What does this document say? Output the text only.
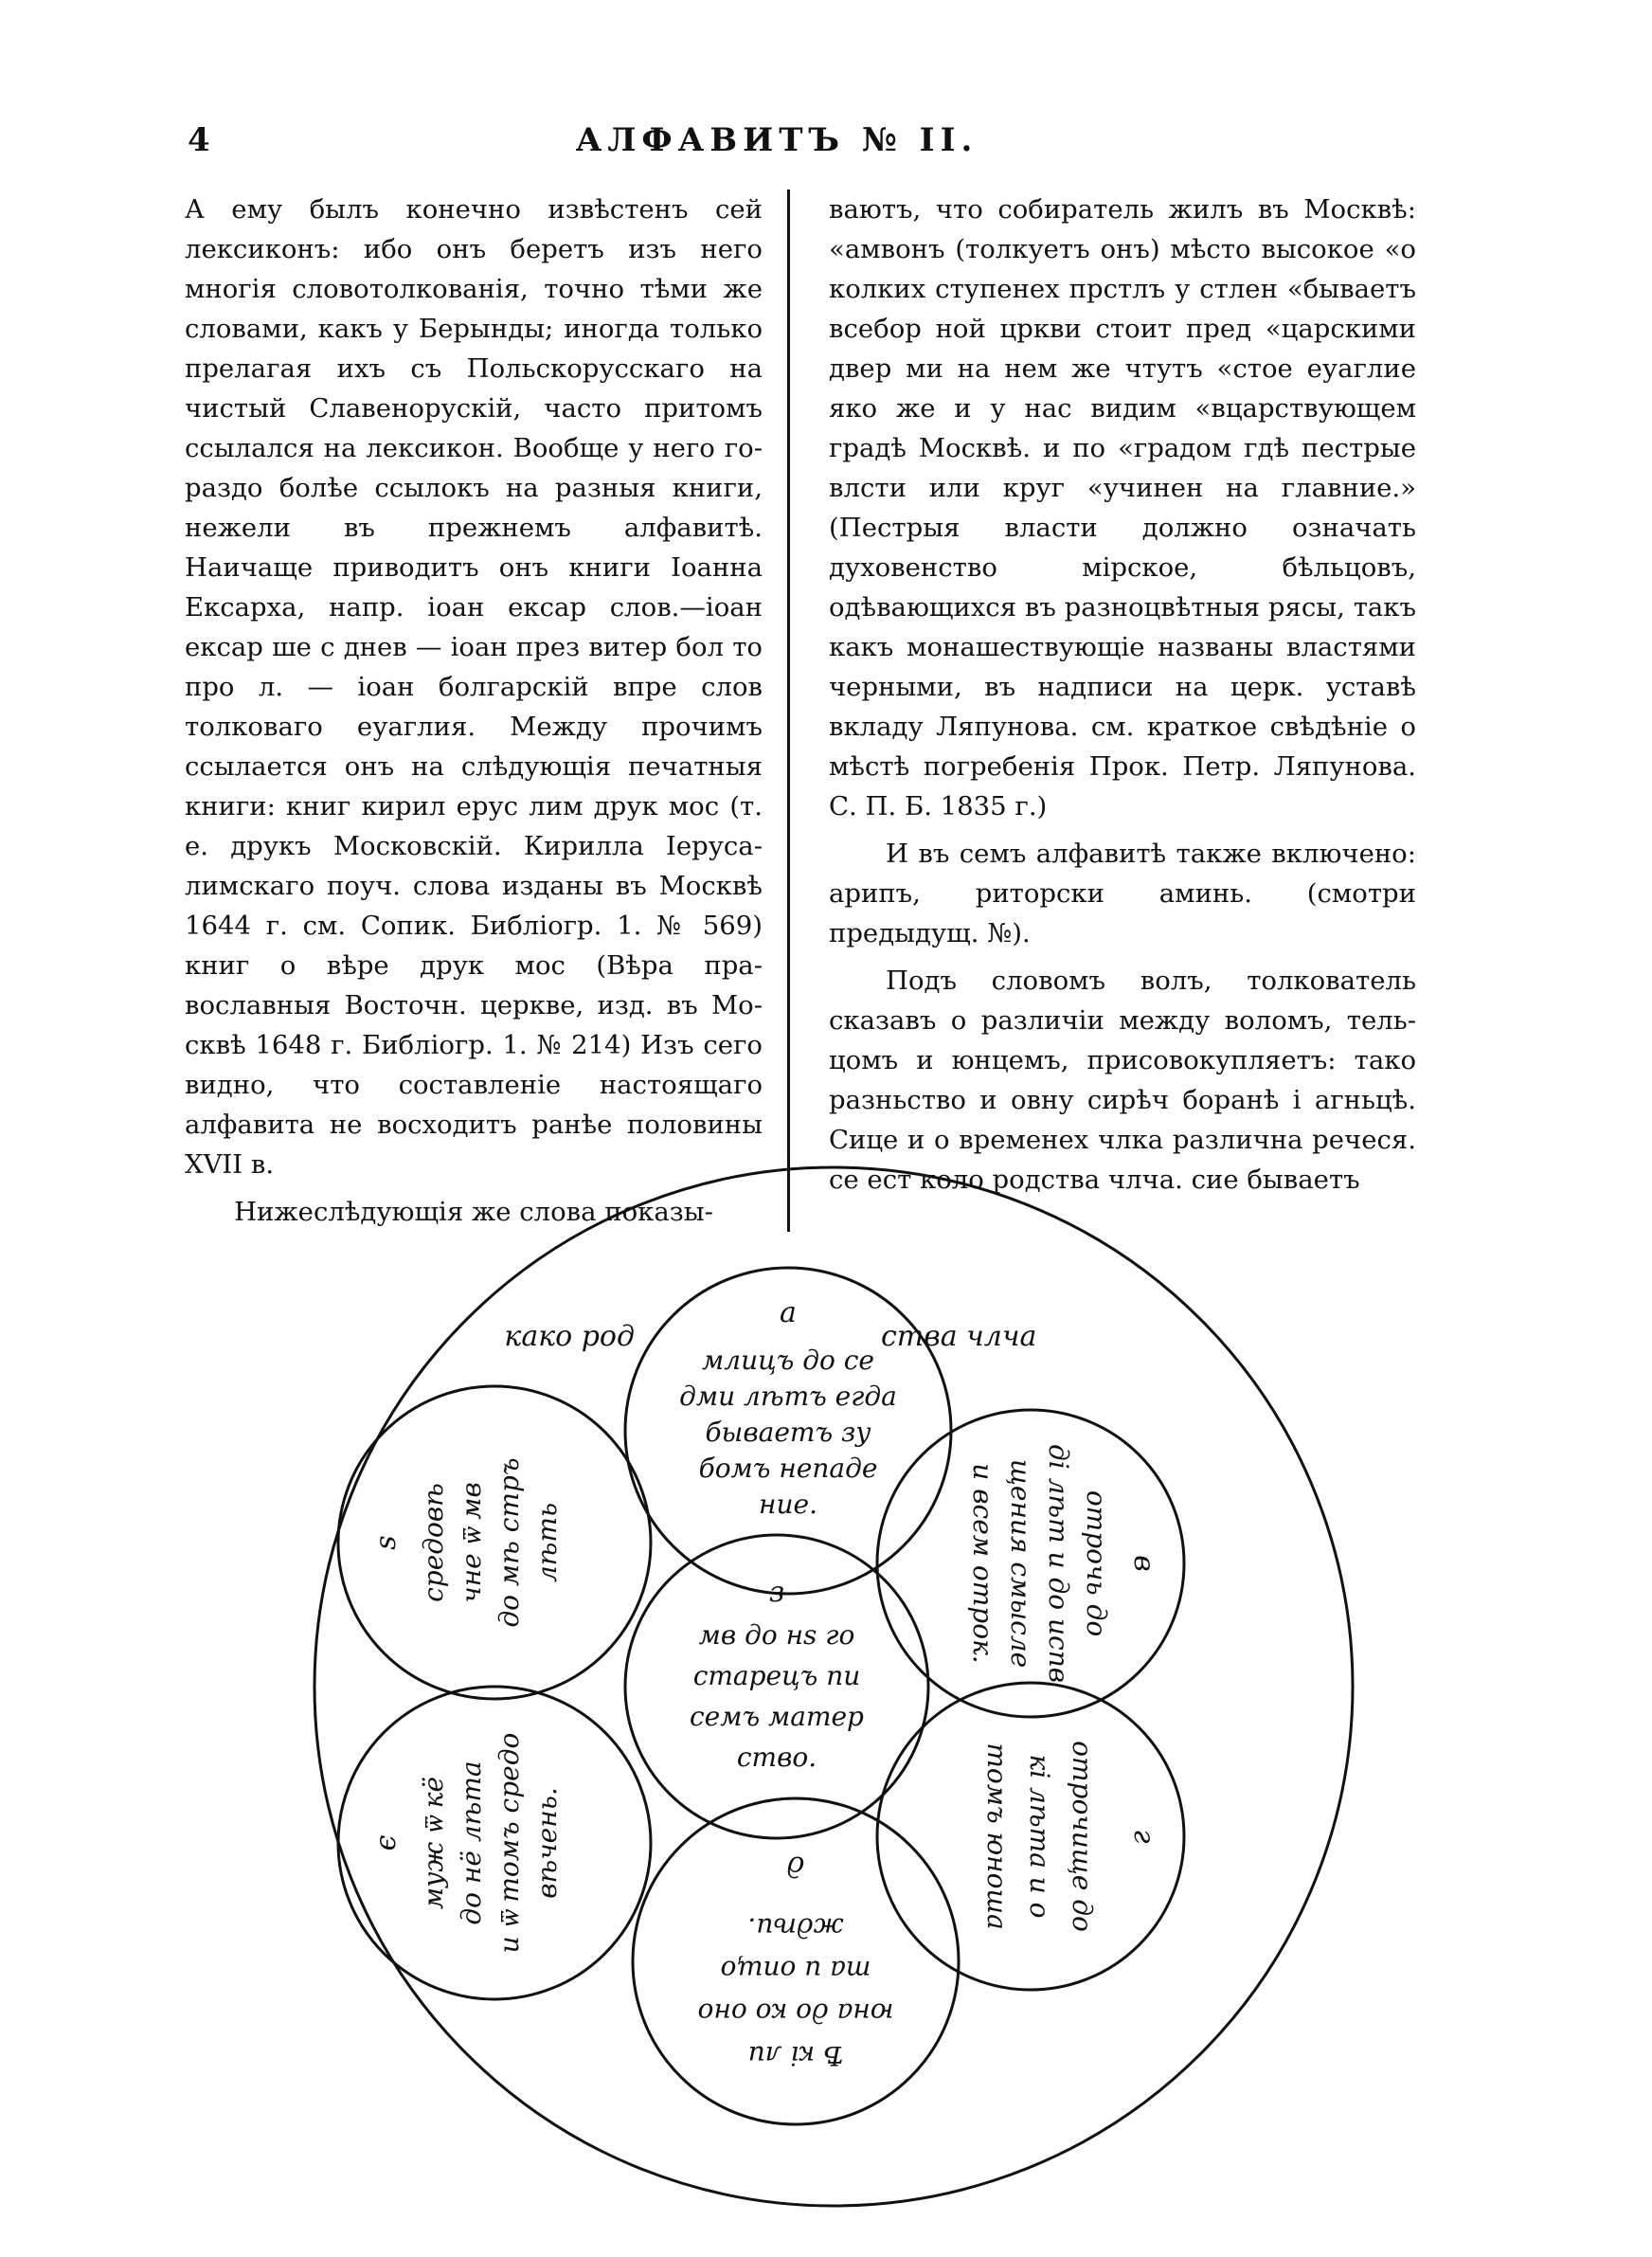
4	АЛФАВИТЪ № II.

А ему былъ конечно извѣстенъ сей лексиконъ: ибо онъ беретъ изъ него многія словотолкованія, точно тѣми же словами, какъ у Берынды; иногда только прелагая ихъ съ Польскорусскаго на чистый Славенорускій, часто притомъ ссылался на лексикон. Вообще у него гораздо болѣе ссылокъ на разныя книги, нежели въ прежнемъ алфавитѣ. Наичаще приводитъ онъ книги Іоанна Ексарха, напр. іоан ексар слов.—іоан ексар ше с днев — іоан през витер бол то про л. — іоан болгарскій впре слов толковаго еуаглия. Между прочимъ ссылается онъ на слѣдующія печатныя книги: книг кирил ерус лим друк мос (т. е. друкъ Московскій. Кирилла Іерусалимскаго поуч. слова изданы въ Москвѣ 1644 г. см. Сопик. Библіогр. 1. № 569) книг о вѣре друк мос (Вѣра православныя Восточн. церкве, изд. въ Москвѣ 1648 г. Библіогр. 1. № 214) Изъ сего видно, что составленіе настоящаго алфавита не восходитъ ранѣе половины XVII в.

Нижеслѣдующія же слова показы-

ваютъ, что собиратель жилъ въ Москвѣ: «амвонъ (толкуетъ онъ) мѣсто высокое «о колких ступенех прстлъ у стлен «бываетъ всебор ной цркви стоит пред «царскими двер ми на нем же чтутъ «стое еуаглие яко же и у нас видим «вцарствующем градѣ Москвѣ. и по «градом гдѣ пестрые влсти или круг «учинен на главние.» (Пестрыя власти должно означать духовенство мірское, бѣльцовъ, одѣвающихся въ разноцвѣтныя рясы, такъ какъ монашествующіе названы властями черными, въ надписи на церк. уставѣ вкладу Ляпунова. см. краткое свѣдѣніе о мѣстѣ погребенія Прок. Петр. Ляпунова. С. П. Б. 1835 г.)

И въ семъ алфавитѣ также включено: арипъ, риторски аминь. (смотри предыдущ. №).

Подъ словомъ волъ, толкователь сказавъ о различіи между воломъ, тельцомъ и юнцемъ, присовокупляетъ: тако разньство и овну сирѣч боранѣ і агньцѣ. Сице и о временех члка различна речеся. се ест коло родства члча. сие бываетъ

како род	ства члча
а
млицъ до се
дми лѣтъ егда
бываетъ зу
бомъ непаде
ние.
в
отрочь до
ді лѣт и до испв
щения смысле
и всем отрок.
г
отрочище до
кі лѣта и о
томъ юноша
Ѣ кі ли
юна до ко оно
та и опщо
ждѣи.
д
є муж ѿ кё до нё лѣта и ѿ томъ средо вѣчень.
ѕ средовѣ чне ѿ мв до мѣ стръ лѣть
з
мв до нѕ го
старецъ пи
семъ матер
ство.
